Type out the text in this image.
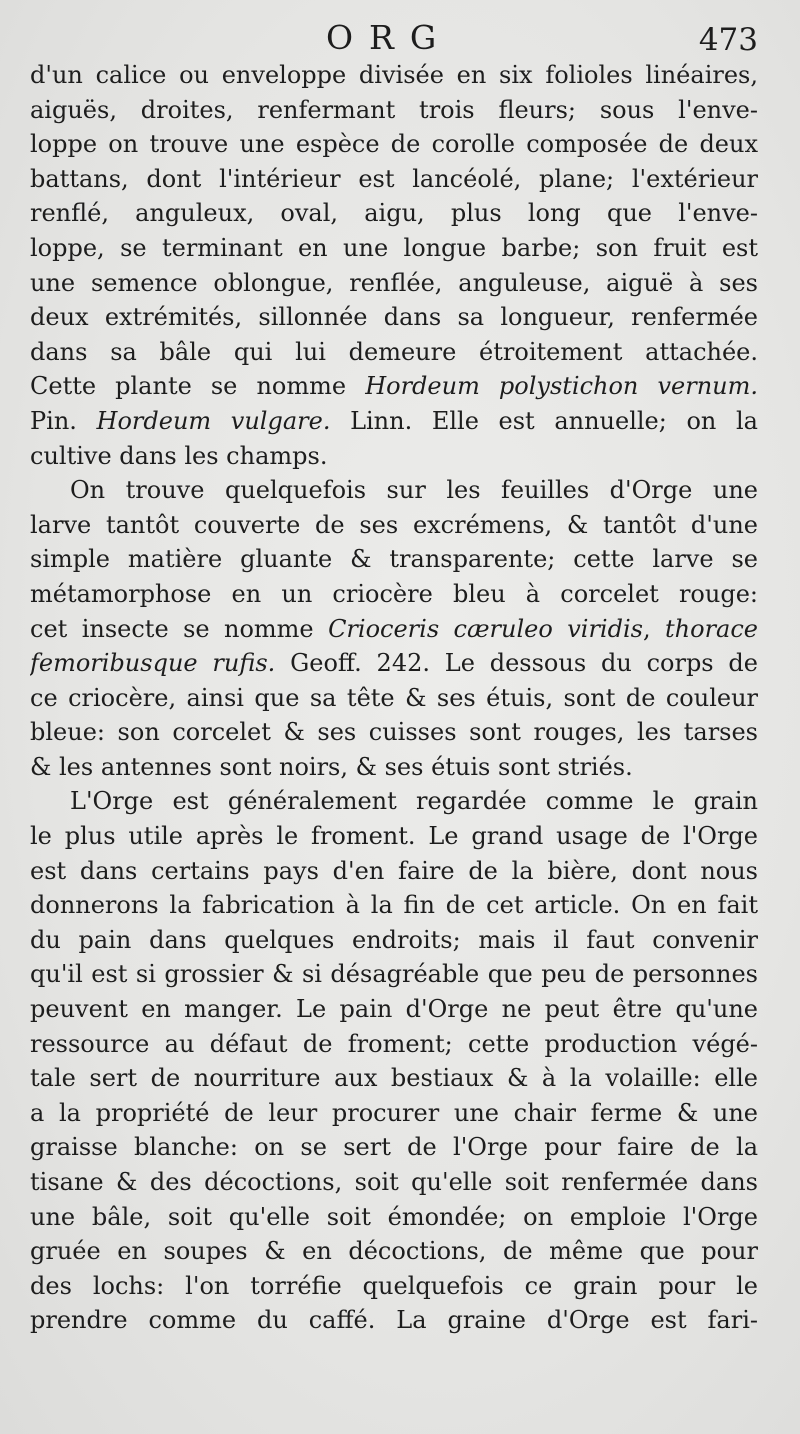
ORG	473
d'un calice ou enveloppe divisée en six folioles linéaires,
aiguës, droites, renfermant trois fleurs; sous l'enve-
loppe on trouve une espèce de corolle composée de deux
battans, dont l'intérieur est lancéolé, plane; l'extérieur
renflé, anguleux, oval, aigu, plus long que l'enve-
loppe, se terminant en une longue barbe; son fruit est
une semence oblongue, renflée, anguleuse, aiguë à ses
deux extrémités, sillonnée dans sa longueur, renfermée
dans sa bâle qui lui demeure étroitement attachée.
Cette plante se nomme Hordeum polystichon vernum.
Pin. Hordeum vulgare. Linn. Elle est annuelle; on la
cultive dans les champs.
On trouve quelquefois sur les feuilles d'Orge une
larve tantôt couverte de ses excrémens, & tantôt d'une
simple matière gluante & transparente; cette larve se
métamorphose en un criocère bleu à corcelet rouge:
cet insecte se nomme Crioceris cæruleo viridis, thorace
femoribusque rufis. Geoff. 242. Le dessous du corps de
ce criocère, ainsi que sa tête & ses étuis, sont de couleur
bleue: son corcelet & ses cuisses sont rouges, les tarses
& les antennes sont noirs, & ses étuis sont striés.
L'Orge est généralement regardée comme le grain
le plus utile après le froment. Le grand usage de l'Orge
est dans certains pays d'en faire de la bière, dont nous
donnerons la fabrication à la fin de cet article. On en fait
du pain dans quelques endroits; mais il faut convenir
qu'il est si grossier & si désagréable que peu de personnes
peuvent en manger. Le pain d'Orge ne peut être qu'une
ressource au défaut de froment; cette production végé-
tale sert de nourriture aux bestiaux & à la volaille: elle
a la propriété de leur procurer une chair ferme & une
graisse blanche: on se sert de l'Orge pour faire de la
tisane & des décoctions, soit qu'elle soit renfermée dans
une bâle, soit qu'elle soit émondée; on emploie l'Orge
gruée en soupes & en décoctions, de même que pour
des lochs: l'on torréfie quelquefois ce grain pour le
prendre comme du caffé. La graine d'Orge est fari-
